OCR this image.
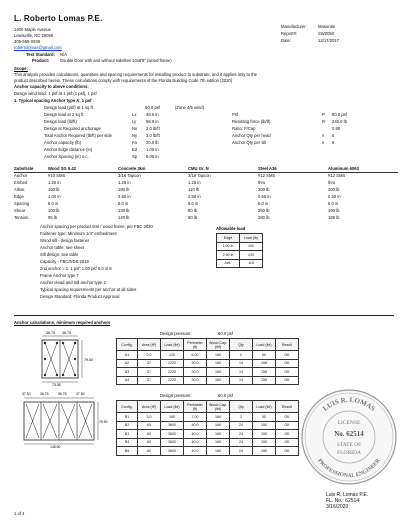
L. Roberto Lomas P.E.
1400 Maple Avenue
Lewisville, NC 28069
305-555-0938
robertolomas@gmail.com
Manufacturer:	Masonite
Report#:	SW0050
Date:	12/17/2017
Test Standard: N/A
Product:	Double Door with and without sidelites 10x8'8" (wood frame)
Scope:
This analysis provides calculations, quantities and spacing requirements for installing product to substrate, and it applies only to the
product described herein. These calculations comply with requirements of the Florida Building Code 7th edition (2020)
Anchor capacity to above conditions:
Design wind load: 1 psf at 1 psf (1 psf), 1 psf
1. Typical spacing Anchor type A: 1 psf
Design load (psf) at 1 sq ft	60.0 psf	(Zone 4/5 wind)
Design load at 2 sq ft	Lx	48.0 in
Design load (lb/ft)	Ly	98.0 in
Design at Required anchorage	Nx	2.0 lb/ft
Total Anchor Required (lb/ft) per side	Ny	3.0 lb/ft
Anchor capacity (lb)	Fa	20.0 lb
Anchor Edge distance (in)	Ed	1.00 in
Anchor Spacing (in) o.c.	Sp	8.00 in
Psf	P	60.0 psf
Resisting force (lb/ft)	R	240.0 lb
Ratio: F/Cap	0.90
Anchor Qty per head	n	6
Anchor Qty per sill	n	6
Substrate	Wood SG 0.42	Concrete 3ksi	CMU Gr. N	Steel A36	Aluminum 6063
Anchor	#10 SMS	3/16 Tapcon	3/16 Tapcon	#12 SMS	#12 SMS
Embed	1.25 in	1.25 in	1.25 in	thru	thru
Allow.	160 lb	180 lb	110 lb	300 lb	200 lb
Edge	1.00 in	2.50 in	2.50 in	0.50 in	0.50 in
Spacing	8.0 in	8.0 in	8.0 in	6.0 in	6.0 in
Shear	100 lb	130 lb	80 lb	250 lb	190 lb
Tension	95 lb	140 lb	90 lb	280 lb	185 lb
Anchor spacing per product test / wood frame; per FBC 2020
Fastener type: Minimum 1/4" embedment
Wood sill - design fastener
Anchor table: see sheet
Sill design: see table
Capacity - FBC/NDS 2018
2nd anchor = 1: 1 psf: 1.00 psf 8.0 in 8
Frame Anchor type T
Ancher Head and Sill anchor type 2
Typical spacing requirements per anchor at all sides
Design Standard: Florida Product Approval
Allowable load
Edge	Load (lb)
1.00 in	100
2.50 in	130
Ave.	115
Anchor calculations, minimum required anchors
Design pressure:	60.0 psf
36.75 36.75
79.50
73.50
Config.	Area (ft²)	Load (lbf)	Perimeter (ft)	Wood Cap. (lbf)	Qty	Load (lbf)	Result
A1	2.0	120	6.00	160	2	60	OK
A2	37	2220	30.0	160	14	158	OK
A3	37	2220	30.0	160	14	158	OK
A4	37	2220	30.0	160	14	158	OK
37.50	36.75	36.75	37.50
79.50
148.50
Design pressure:	60.0 psf
Config.	Area (ft²)	Load (lbf)	Perimeter (ft)	Wood Cap. (lbf)	Qty	Load (lbf)	Result
B1	3.0	180	7.00	160	2	90	OK
B2	60	3600	40.0	160	24	150	OK
B3	60	3600	40.0	160	24	150	OK
B4	60	3600	40.0	160	24	150	OK
B5	60	3600	40.0	160	24	150	OK
LUIS R. LOMAS
PROFESSIONAL ENGINEER
LICENSE
No. 62514
STATE OF
FLORIDA
1 of 4
Luis R. Lomas P.E.
FL. No.: 62514
3/16/2020
